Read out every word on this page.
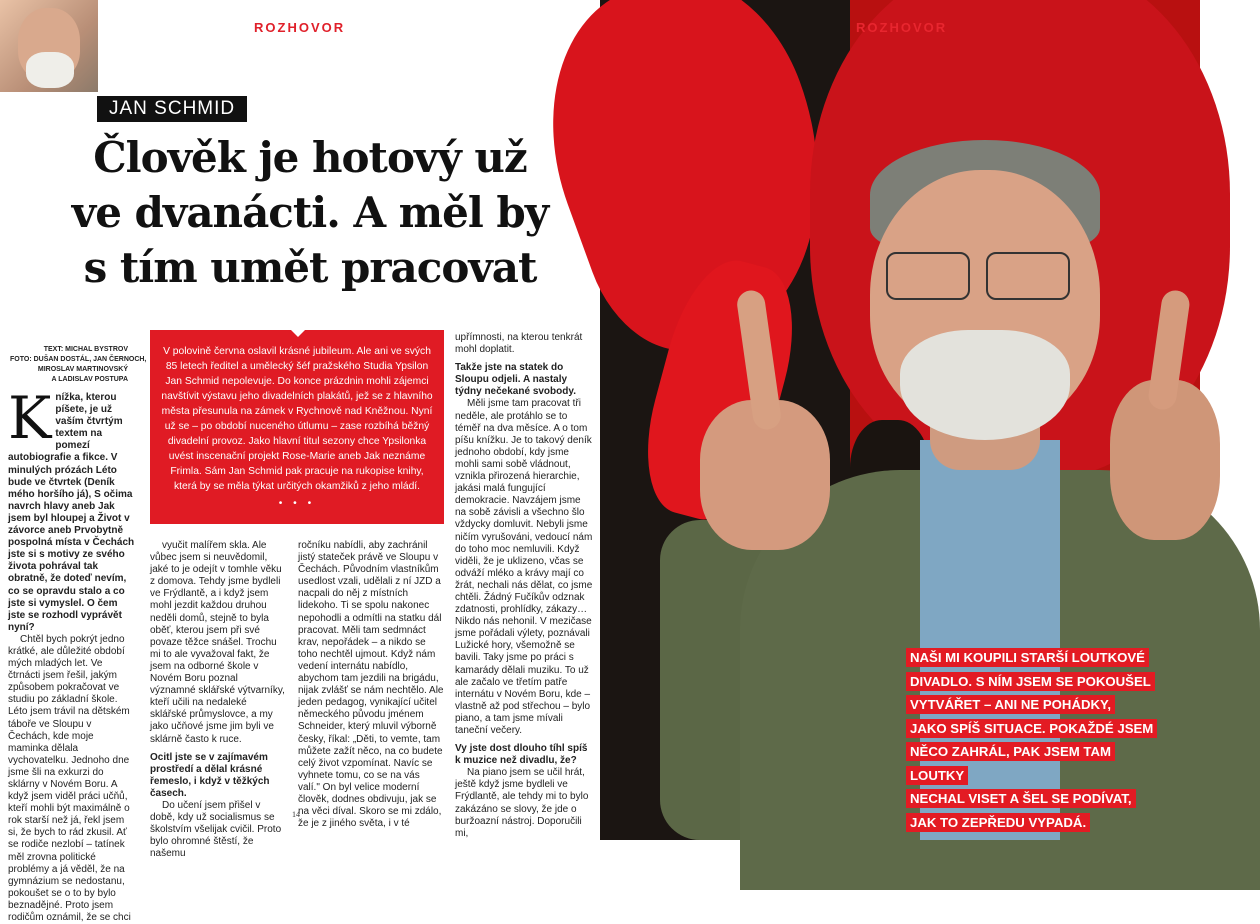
ROZHOVOR
JAN SCHMID
Člověk je hotový už
ve dvanácti. A měl by
s tím umět pracovat
TEXT: MICHAL BYSTROV
FOTO: DUŠAN DOSTÁL, JAN ČERNOCH,
MIROSLAV MARTINOVSKÝ
A LADISLAV POSTUPA
V polovině června oslavil krásné jubileum. Ale ani ve svých 85 letech ředitel a umělecký šéf pražského Studia Ypsilon Jan Schmid nepolevuje. Do konce prázdnin mohli zájemci navštívit výstavu jeho divadelních plakátů, jež se z hlavního města přesunula na zámek v Rychnově nad Kněžnou. Nyní už se – po období nuceného útlumu – zase rozbíhá běžný divadelní provoz. Jako hlavní titul sezony chce Ypsilonka uvést inscenační projekt Rose-Marie aneb Jak neznáme Frimla. Sám Jan Schmid pak pracuje na rukopise knihy, která by se měla týkat určitých okamžiků z jeho mládí.
• • •
K nížka, kterou píšete, je už vaším čtvrtým textem na pomezí autobiografie a fikce. V minulých prózách Léto bude ve čtvrtek (Deník mého horšího já), S očima navrch hlavy aneb Jak jsem byl hloupej a Život v závorce aneb Prvobytně pospolná místa v Čechách jste si s motivy ze svého života pohrával tak obratně, že doteď nevím, co se opravdu stalo a co jste si vymyslel. O čem jste se rozhodl vyprávět nyní?

Chtěl bych pokrýt jedno krátké, ale důležité období mých mladých let. Ve čtrnácti jsem řešil, jakým způsobem pokračovat ve studiu po základní škole. Léto jsem trávil na dětském táboře ve Sloupu v Čechách, kde moje maminka dělala vychovatelku. Jednoho dne jsme šli na exkurzi do sklárny v Novém Boru. A když jsem viděl práci učňů, kteří mohli být maximálně o rok starší než já, řekl jsem si, že bych to rád zkusil. Ať se rodiče nezlobí – tatínek měl zrovna politické problémy a já věděl, že na gymnázium se nedostanu, pokoušet se o to by bylo beznadějné. Proto jsem rodičům oznámil, že se chci

vyučit malířem skla. Ale vůbec jsem si neuvědomil, jaké to je odejít v tomhle věku z domova. Tehdy jsme bydleli ve Frýdlantě, a i když jsem mohl jezdit každou druhou neděli domů, stejně to byla oběť, kterou jsem při své povaze těžce snášel. Trochu mi to ale vyvažoval fakt, že jsem na odborné škole v Novém Boru poznal významné sklářské výtvarníky, kteří učili na nedaleké sklářské průmyslovce, a my jako učňové jsme jim byli ve sklárně často k ruce.

Ocitl jste se v zajímavém prostředí a dělal krásné řemeslo, i když v těžkých časech.

Do učení jsem přišel v době, kdy už socialismus se školstvím všelijak cvičil. Proto bylo ohromné štěstí, že našemu

ročníku nabídli, aby zachránil jistý stateček právě ve Sloupu v Čechách. Původním vlastníkům usedlost vzali, udělali z ní JZD a nacpali do něj z místních lidekoho. Ti se spolu nakonec nepohodli a odmítli na statku dál pracovat. Měli tam sedmnáct krav, nepořádek – a nikdo se toho nechtěl ujmout. Když nám vedení internátu nabídlo, abychom tam jezdili na brigádu, nijak zvlášť se nám nechtělo. Ale jeden pedagog, vynikající učitel německého původu jménem Schneider, který mluvil výborně česky, říkal: „Děti, to vemte, tam můžete zažít něco, na co budete celý život vzpomínat. Navíc se vyhnete tomu, co se na vás valí." On byl velice moderní člověk, dodnes obdivuju, jak se na věci díval. Skoro se mi zdálo, že je z jiného světa, i v té

upřímnosti, na kterou tenkrát mohl doplatit.

Takže jste na statek do Sloupu odjeli. A nastaly týdny nečekané svobody.

Měli jsme tam pracovat tři neděle, ale protáhlo se to téměř na dva měsíce. A o tom píšu knížku. Je to takový deník jednoho období, kdy jsme mohli sami sobě vládnout, vznikla přirozená hierarchie, jakási malá fungující demokracie. Navzájem jsme na sobě závisli a všechno šlo vždycky domluvit. Nebyli jsme ničím vyrušováni, vedoucí nám do toho moc nemluvili. Když viděli, že je uklizeno, včas se odváží mléko a krávy mají co žrát, nechali nás dělat, co jsme chtěli. Žádný Fučíkův odznak zdatnosti, prohlídky, zákazy… Nikdo nás nehonil. V mezičase jsme pořádali výlety, poznávali Lužické hory, všemožně se bavili. Taky jsme po práci s kamarády dělali muziku. To už ale začalo ve třetím patře internátu v Novém Boru, kde – vlastně až pod střechou – bylo piano, a tam jsme mívali taneční večery.

Vy jste dost dlouho tíhl spíš k muzice než divadlu, že?

Na piano jsem se učil hrát, ještě když jsme bydleli ve Frýdlantě, ale tehdy mi to bylo zakázáno se slovy, že jde o buržoazní nástroj. Doporučili mi,

14
ROZHOVOR
NAŠI MI KOUPILI STARŠÍ LOUTKOVÉ
DIVADLO. S NÍM JSEM SE POKOUŠEL
VYTVÁŘET – ANI NE POHÁDKY,
JAKO SPÍŠ SITUACE. POKAŽDÉ JSEM
NĚCO ZAHRÁL, PAK JSEM TAM LOUTKY
NECHAL VISET A ŠEL SE PODÍVAT,
JAK TO ZEPŘEDU VYPADÁ.
